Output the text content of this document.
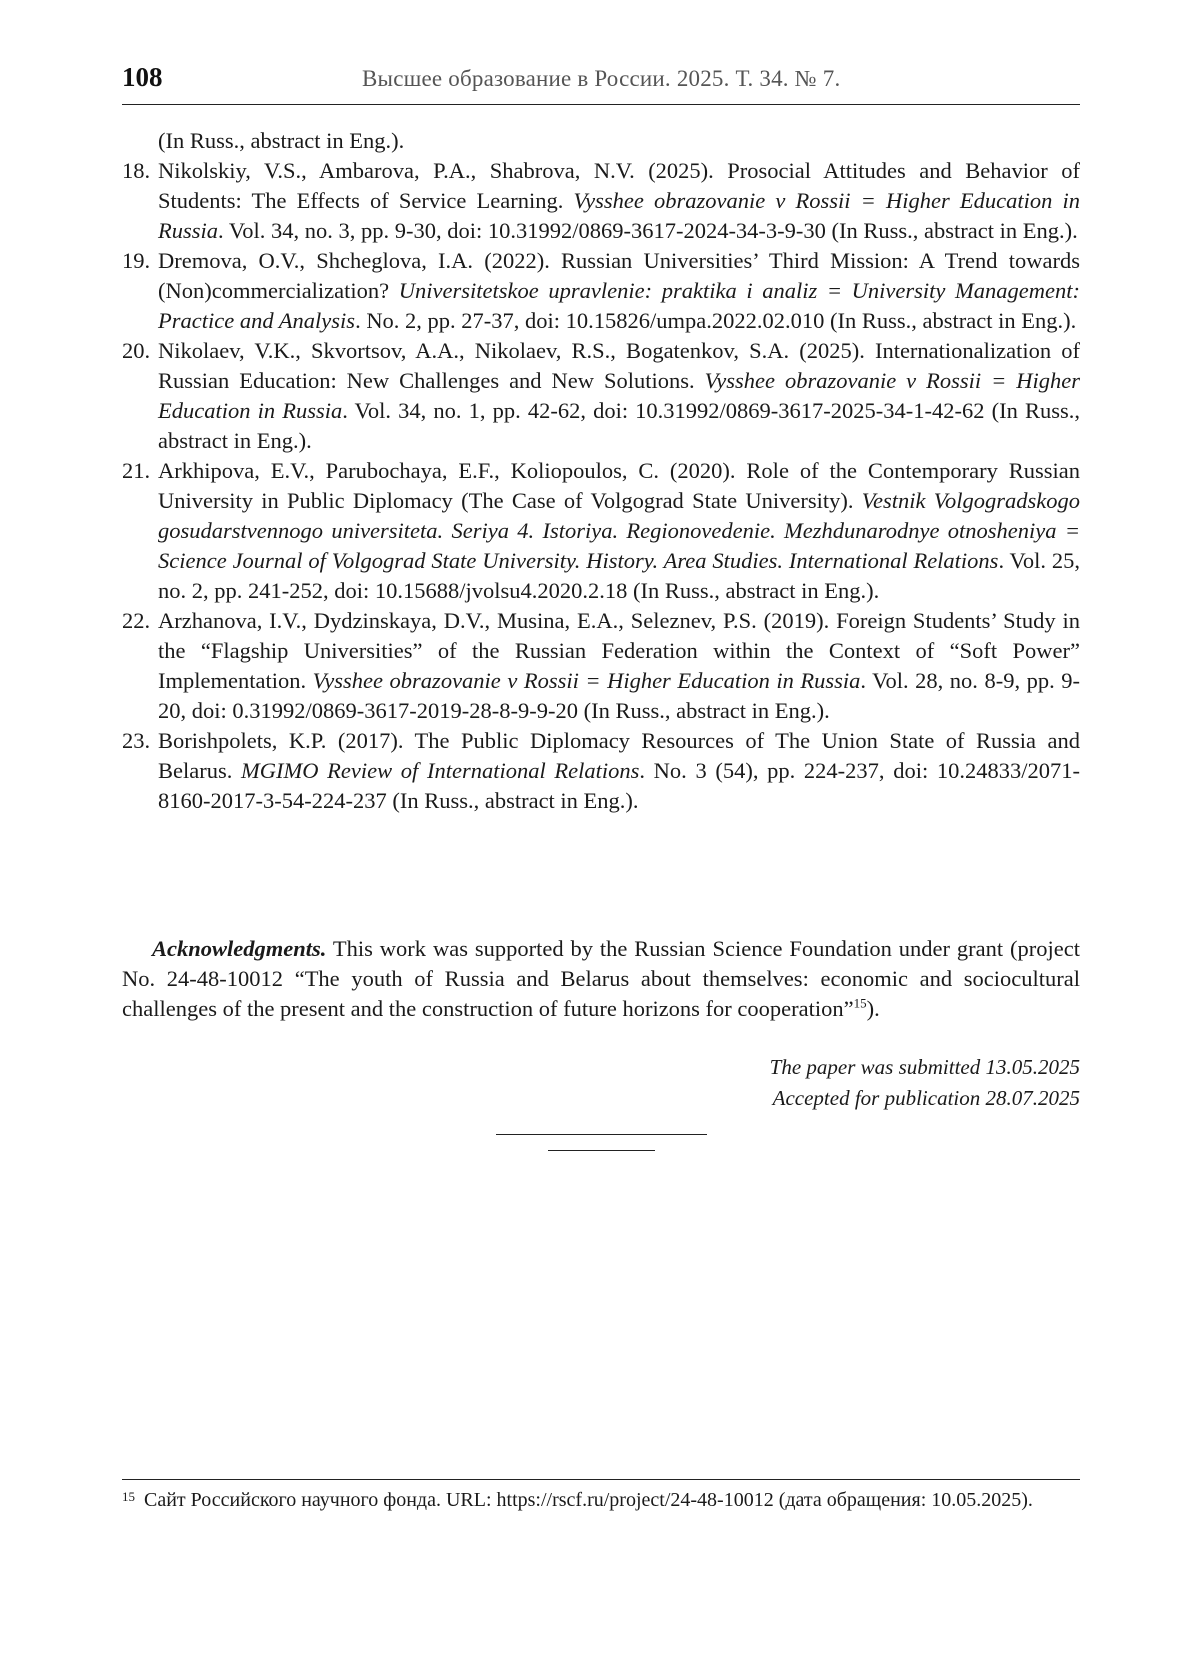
108	Высшее образование в России. 2025. Т. 34. № 7.
(In Russ., abstract in Eng.).
18. Nikolskiy, V.S., Ambarova, P.A., Shabrova, N.V. (2025). Prosocial Attitudes and Behavior of Students: The Effects of Service Learning. Vysshee obrazovanie v Rossii = Higher Education in Russia. Vol. 34, no. 3, pp. 9-30, doi: 10.31992/0869-3617-2024-34-3-9-30 (In Russ., abstract in Eng.).
19. Dremova, O.V., Shcheglova, I.A. (2022). Russian Universities’ Third Mission: A Trend towards (Non)commercialization? Universitetskoe upravlenie: praktika i analiz = University Management: Practice and Analysis. No. 2, pp. 27-37, doi: 10.15826/umpa.2022.02.010 (In Russ., abstract in Eng.).
20. Nikolaev, V.K., Skvortsov, A.A., Nikolaev, R.S., Bogatenkov, S.A. (2025). Internationalization of Russian Education: New Challenges and New Solutions. Vysshee obrazovanie v Rossii = Higher Education in Russia. Vol. 34, no. 1, pp. 42-62, doi: 10.31992/0869-3617-2025-34-1-42-62 (In Russ., abstract in Eng.).
21. Arkhipova, E.V., Parubochaya, E.F., Koliopoulos, C. (2020). Role of the Contemporary Russian University in Public Diplomacy (The Case of Volgograd State University). Vestnik Volgogradskogo gosudarstvennogo universiteta. Seriya 4. Istoriya. Regionovedenie. Mezhdunarodnye otnosheniya = Science Journal of Volgograd State University. History. Area Studies. International Relations. Vol. 25, no. 2, pp. 241-252, doi: 10.15688/jvolsu4.2020.2.18 (In Russ., abstract in Eng.).
22. Arzhanova, I.V., Dydzinskaya, D.V., Musina, E.A., Seleznev, P.S. (2019). Foreign Students’ Study in the “Flagship Universities” of the Russian Federation within the Context of “Soft Power” Implementation. Vysshee obrazovanie v Rossii = Higher Education in Russia. Vol. 28, no. 8-9, pp. 9-20, doi: 0.31992/0869-3617-2019-28-8-9-9-20 (In Russ., abstract in Eng.).
23. Borishpolets, K.P. (2017). The Public Diplomacy Resources of The Union State of Russia and Belarus. MGIMO Review of International Relations. No. 3 (54), pp. 224-237, doi: 10.24833/2071-8160-2017-3-54-224-237 (In Russ., abstract in Eng.).
Acknowledgments. This work was supported by the Russian Science Foundation under grant (project No. 24-48-10012 “The youth of Russia and Belarus about themselves: economic and sociocultural challenges of the present and the construction of future horizons for cooperation”$^{15}$).
The paper was submitted 13.05.2025
Accepted for publication 28.07.2025
15 Сайт Российского научного фонда. URL: https://rscf.ru/project/24-48-10012 (дата обращения: 10.05.2025).
